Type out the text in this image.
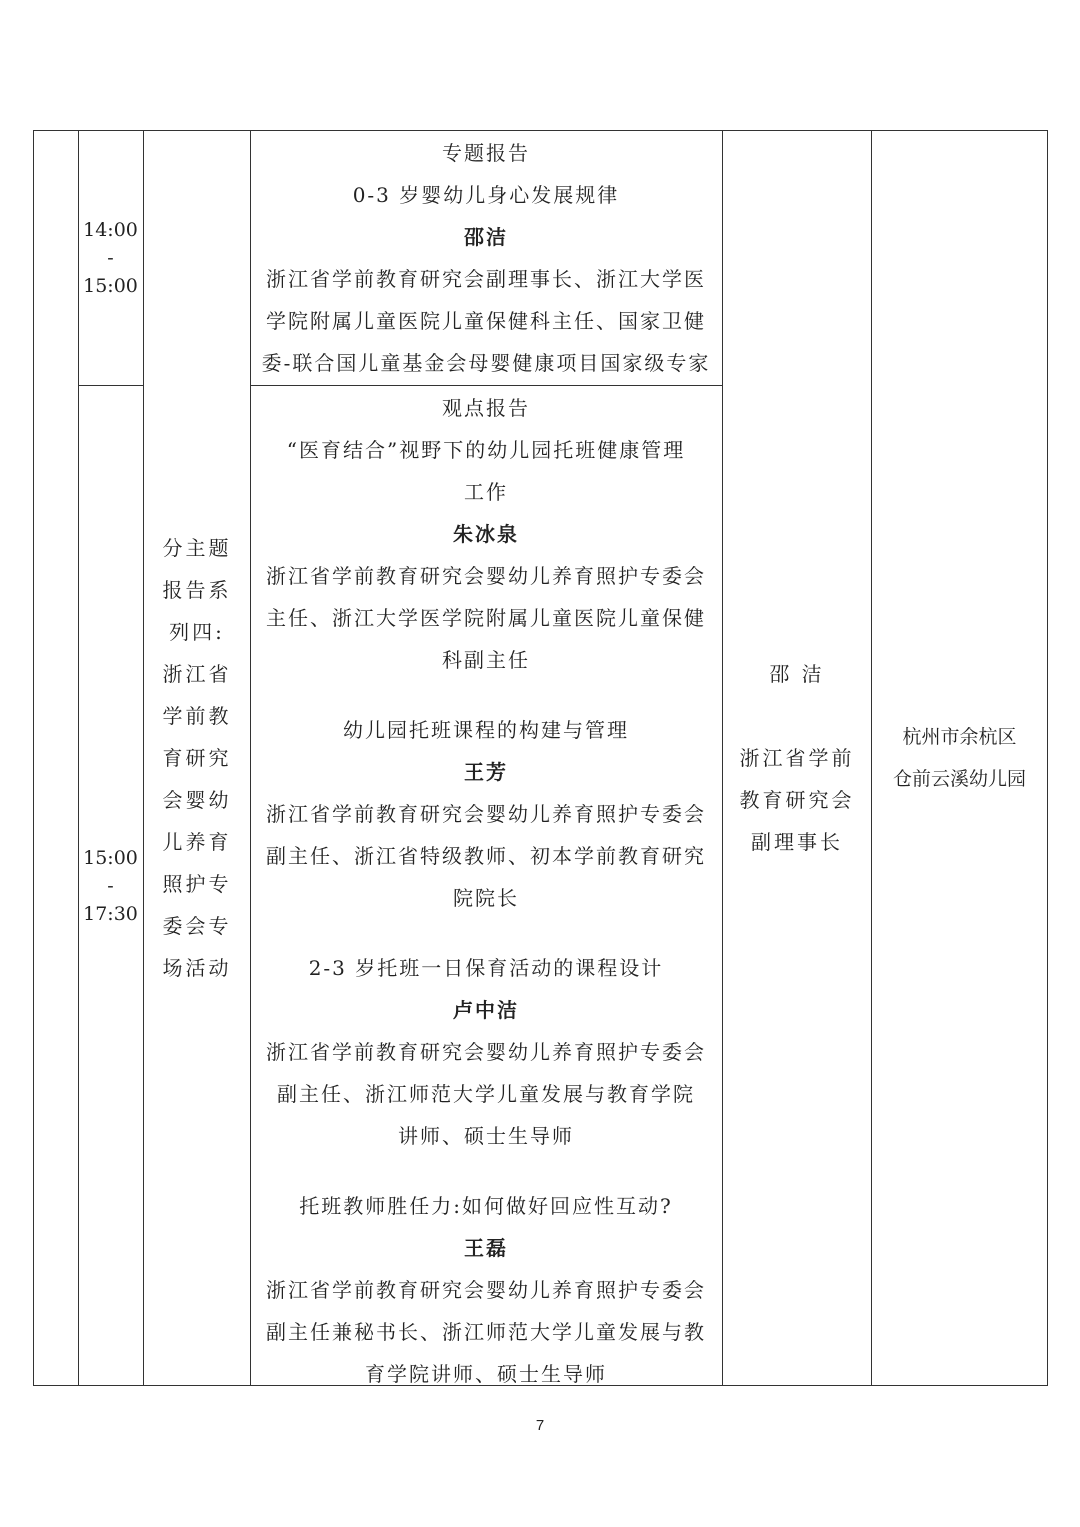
14:00
-
15:00
15:00
-
17:30
分主题
报告系
列四:
浙江省
学前教
育研究
会婴幼
儿养育
照护专
委会专
场活动
专题报告
0-3 岁婴幼儿身心发展规律
邵洁
浙江省学前教育研究会副理事长、浙江大学医
学院附属儿童医院儿童保健科主任、国家卫健
委-联合国儿童基金会母婴健康项目国家级专家
观点报告
“医育结合”视野下的幼儿园托班健康管理
工作
朱冰泉
浙江省学前教育研究会婴幼儿养育照护专委会
主任、浙江大学医学院附属儿童医院儿童保健
科副主任
幼儿园托班课程的构建与管理
王芳
浙江省学前教育研究会婴幼儿养育照护专委会
副主任、浙江省特级教师、初本学前教育研究
院院长
2-3 岁托班一日保育活动的课程设计
卢中洁
浙江省学前教育研究会婴幼儿养育照护专委会
副主任、浙江师范大学儿童发展与教育学院
讲师、硕士生导师
托班教师胜任力:如何做好回应性互动?
王磊
浙江省学前教育研究会婴幼儿养育照护专委会
副主任兼秘书长、浙江师范大学儿童发展与教
育学院讲师、硕士生导师
邵 洁
浙江省学前
教育研究会
副理事长
杭州市余杭区
仓前云溪幼儿园
7
